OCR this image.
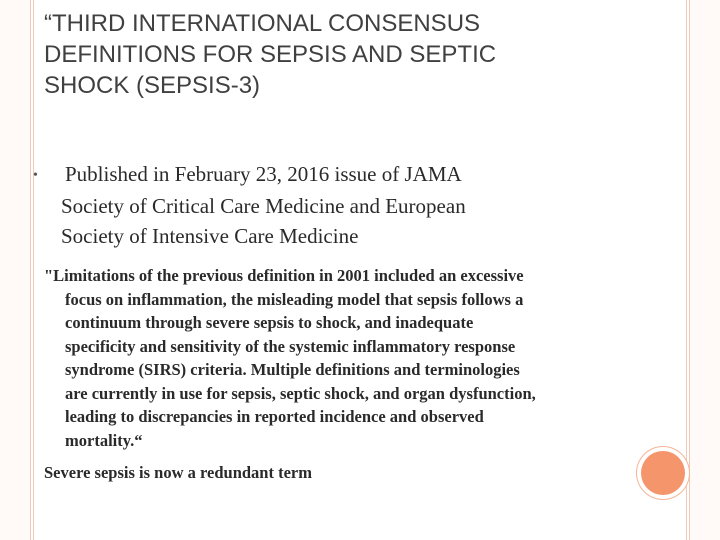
“THIRD INTERNATIONAL CONSENSUS
DEFINITIONS FOR SEPSIS AND SEPTIC
SHOCK (SEPSIS-3)
•	Published in February 23, 2016 issue of JAMA
Society of Critical Care Medicine and European
Society of Intensive Care Medicine
"Limitations of the previous definition in 2001 included an excessive
focus on inflammation, the misleading model that sepsis follows a
continuum through severe sepsis to shock, and inadequate
specificity and sensitivity of the systemic inflammatory response
syndrome (SIRS) criteria. Multiple definitions and terminologies
are currently in use for sepsis, septic shock, and organ dysfunction,
leading to discrepancies in reported incidence and observed
mortality.“
Severe sepsis is now a redundant term
